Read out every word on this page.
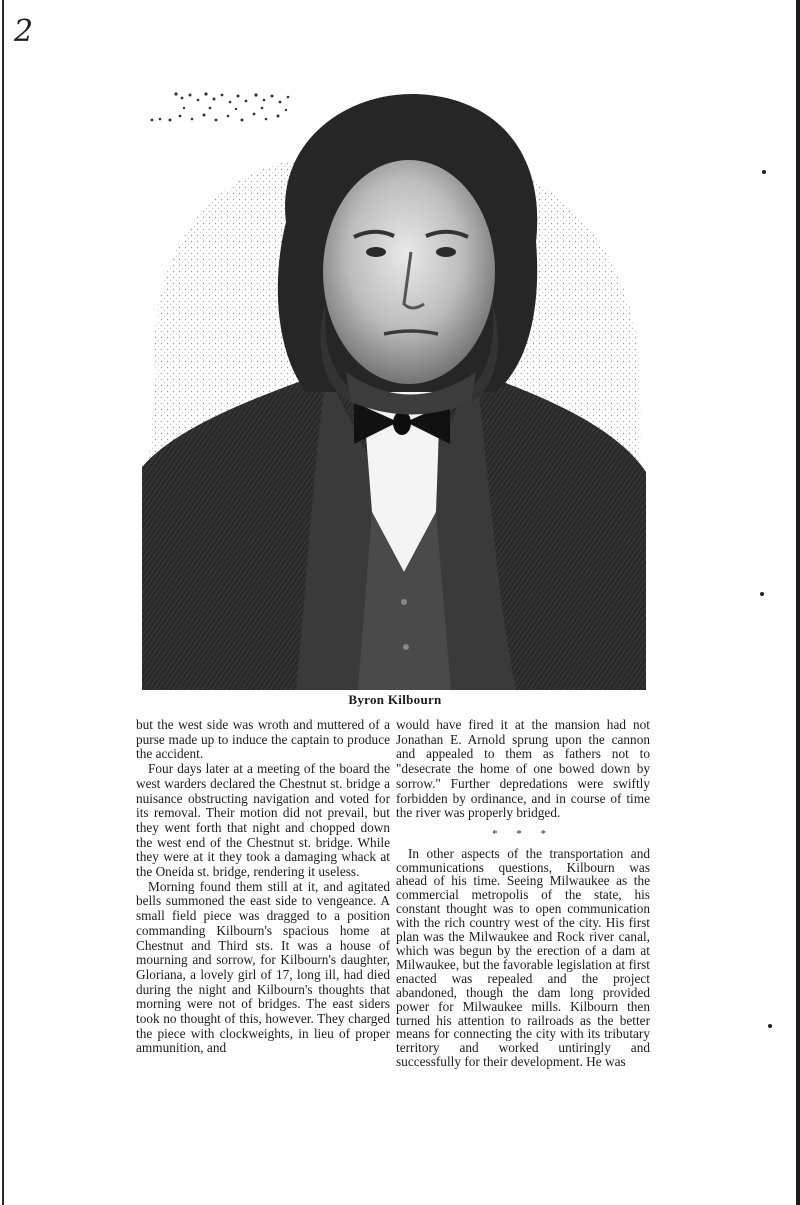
2
Byron Kilbourn

but the west side was wroth and muttered of a purse made up to induce the captain to produce the accident.

Four days later at a meeting of the board the west warders declared the Chestnut st. bridge a nuisance obstructing navigation and voted for its removal. Their motion did not prevail, but they went forth that night and chopped down the west end of the Chestnut st. bridge. While they were at it they took a damaging whack at the Oneida st. bridge, rendering it useless.

Morning found them still at it, and agitated bells summoned the east side to vengeance. A small field piece was dragged to a position commanding Kilbourn's spacious home at Chestnut and Third sts. It was a house of mourning and sorrow, for Kilbourn's daughter, Gloriana, a lovely girl of 17, long ill, had died during the night and Kilbourn's thoughts that morning were not of bridges. The east siders took no thought of this, however. They charged the piece with clockweights, in lieu of proper ammunition, and

would have fired it at the mansion had not Jonathan E. Arnold sprung upon the cannon and appealed to them as fathers not to "desecrate the home of one bowed down by sorrow." Further depredations were swiftly forbidden by ordinance, and in course of time the river was properly bridged.

* * *

In other aspects of the transportation and communications questions, Kilbourn was ahead of his time. Seeing Milwaukee as the commercial metropolis of the state, his constant thought was to open communication with the rich country west of the city. His first plan was the Milwaukee and Rock river canal, which was begun by the erection of a dam at Milwaukee, but the favorable legislation at first enacted was repealed and the project abandoned, though the dam long provided power for Milwaukee mills. Kilbourn then turned his attention to railroads as the better means for connecting the city with its tributary territory and worked untiringly and successfully for their development. He was
